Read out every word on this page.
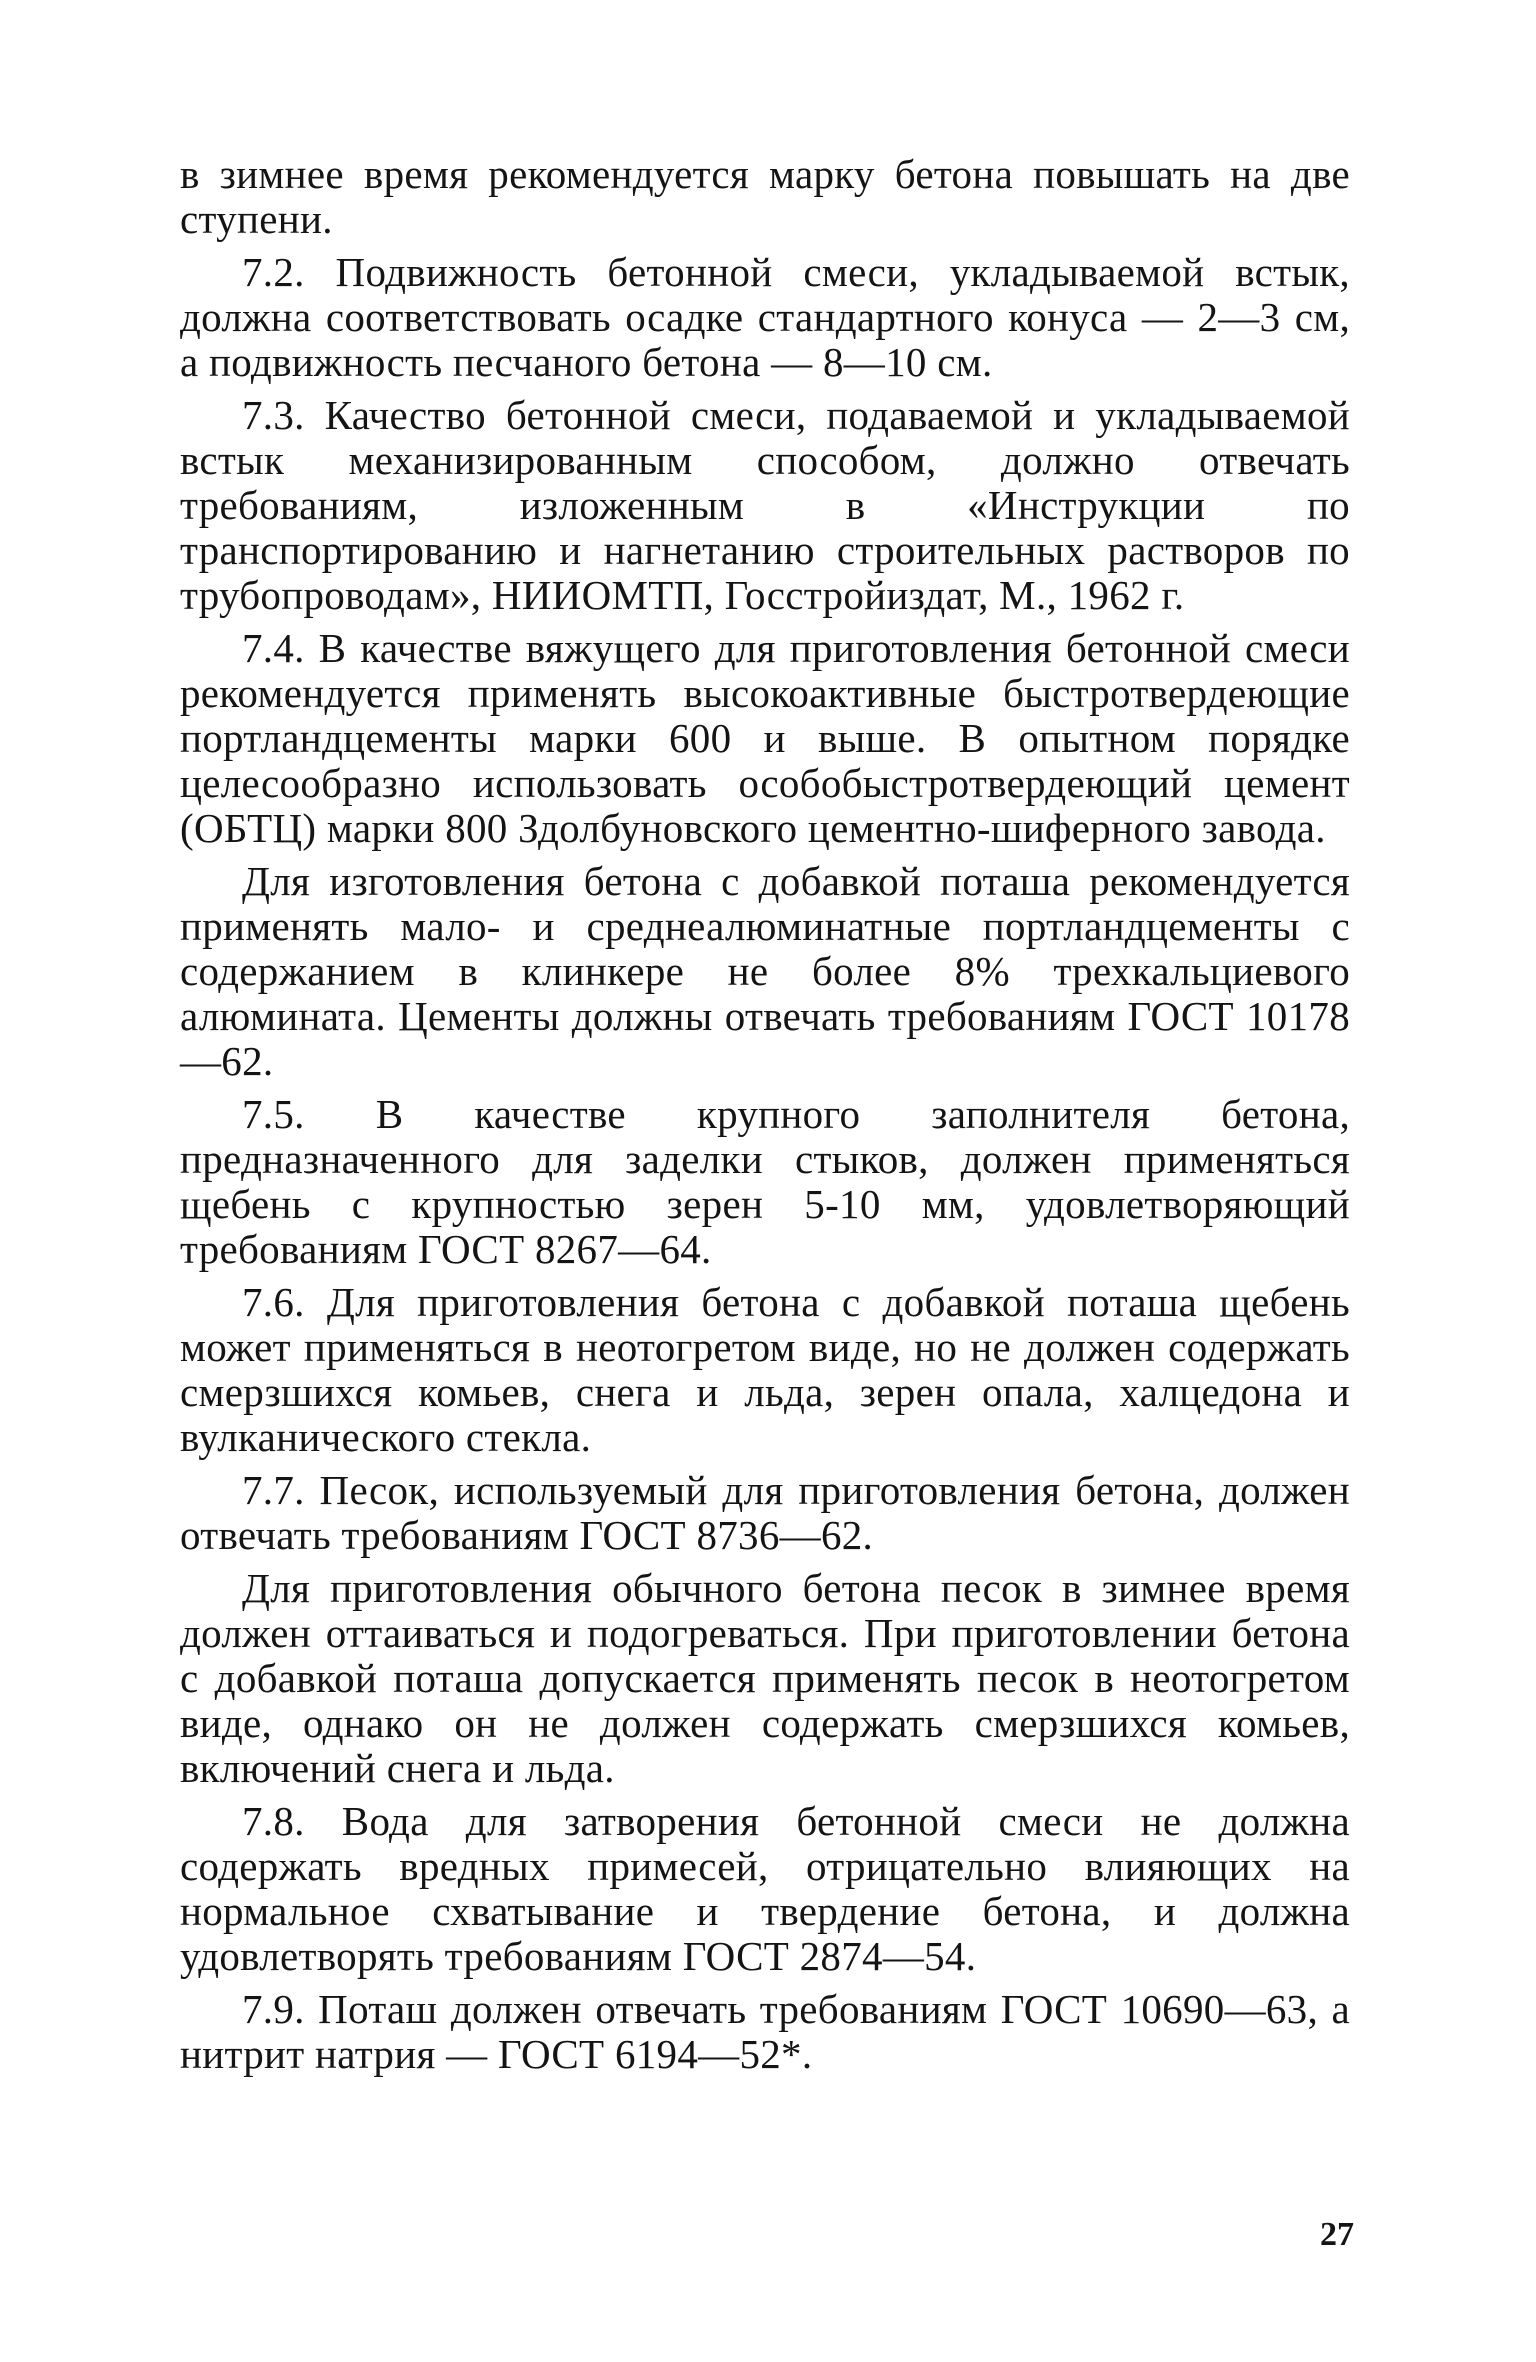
в зимнее время рекомендуется марку бетона повышать на две ступени.

7.2. Подвижность бетонной смеси, укладываемой встык, должна соответствовать осадке стандартного конуса — 2—3 см, а подвижность песчаного бетона — 8—10 см.

7.3. Качество бетонной смеси, подаваемой и укладываемой встык механизированным способом, должно отвечать требованиям, изложенным в «Инструкции по транспортированию и нагнетанию строительных растворов по трубопроводам», НИИОМТП, Госстройиздат, М., 1962 г.

7.4. В качестве вяжущего для приготовления бетонной смеси рекомендуется применять высокоактивные быстротвердеющие портландцементы марки 600 и выше. В опытном порядке целесообразно использовать особобыстротвердеющий цемент (ОБТЦ) марки 800 Здолбуновского цементно-шиферного завода.

Для изготовления бетона с добавкой поташа рекомендуется применять мало- и среднеалюминатные портландцементы с содержанием в клинкере не более 8% трехкальциевого алюмината. Цементы должны отвечать требованиям ГОСТ 10178—62.

7.5. В качестве крупного заполнителя бетона, предназначенного для заделки стыков, должен применяться щебень с крупностью зерен 5-10 мм, удовлетворяющий требованиям ГОСТ 8267—64.

7.6. Для приготовления бетона с добавкой поташа щебень может применяться в неотогретом виде, но не должен содержать смерзшихся комьев, снега и льда, зерен опала, халцедона и вулканического стекла.

7.7. Песок, используемый для приготовления бетона, должен отвечать требованиям ГОСТ 8736—62.

Для приготовления обычного бетона песок в зимнее время должен оттаиваться и подогреваться. При приготовлении бетона с добавкой поташа допускается применять песок в неотогретом виде, однако он не должен содержать смерзшихся комьев, включений снега и льда.

7.8. Вода для затворения бетонной смеси не должна содержать вредных примесей, отрицательно влияющих на нормальное схватывание и твердение бетона, и должна удовлетворять требованиям ГОСТ 2874—54.

7.9. Поташ должен отвечать требованиям ГОСТ 10690—63, а нитрит натрия — ГОСТ 6194—52*.

27
